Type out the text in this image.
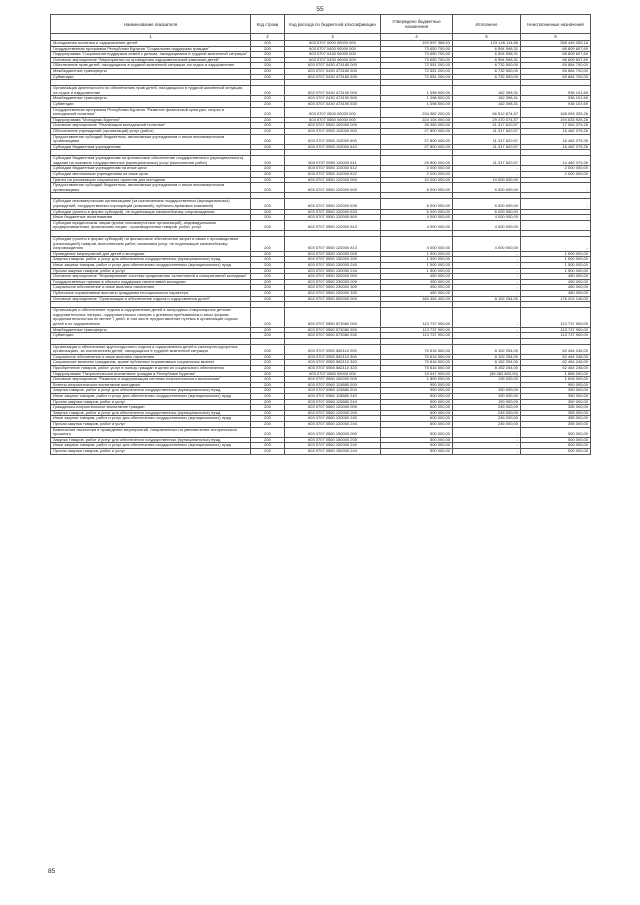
55
Наименование показателя	Код строки	Код расхода по бюджетной классификации	Утверждено бюджетные назначения	Исполнено	Неисполненные назначения
1	2	3	4	5	6
Молодежная политика и оздоровление детей	200	603 0707 0000 00000 000	193 597 368,53	123 145 114,85	268 449 265,18
Государственная программа Республики Бурятия "Социальная поддержка граждан"	200	603 0707 0400 00000 000	73 650 700,00	6 594 598,31	66 809 607,69
Подпрограмма "Социальная поддержка семей с детьми, находящимися в трудной жизненной ситуации"	200	603 0707 0430 00000 000	73 650 700,00	6 594 598,31	66 809 607,69
Основное мероприятие "Мероприятия по проведению оздоровительной кампании детей"	200	603 0707 0430 40000 000	73 650 700,00	6 594 598,31	66 809 607,69
Обеспечение прав детей, находящихся в трудной жизненной ситуации, на отдых и оздоровление	200	603 0707 0430 473180 000	72 551 200,00	6 732 500,00	65 884 700,00
Межбюджетные трансферты	200	603 0707 0430 473180 500	72 551 200,00	6 732 500,00	65 884 700,00
Субвенции	200	603 0707 0430 473180 530	72 551 200,00	6 732 500,00	65 884 700,00

Организация деятельности по обеспечению прав детей, находящихся в трудной жизненной ситуации, на отдых и оздоровление	200	603 0707 0430 473190 000	1 098 500,00	162 398,31	936 101,69
Межбюджетные трансферты	200	603 0707 0430 473190 500	1 098 500,00	162 398,31	936 101,69
Субвенции	200	603 0707 0430 473190 530	1 098 500,00	162 398,31	936 101,69
Государственная программа Республики Бурятия "Развитие физической культуры, спорта и молодежной политики"	200	603 0707 0500 00000 000	234 582 200,00	66 512 874,57	168 069 325,26
Подпрограмма "Молодежь Бурятии"	200	603 0707 0550 00000 000	224 104 000,00	29 470 074,57	194 633 925,26
Основное мероприятие "Реализация молодежной политики"	200	603 0707 0550 100000 000	39 380 000,00	21 317 620,57	17 062 379,26
Обеспечение учреждений (организаций) услуг (работ)	200	603 0707 0550 110000 000	27 800 000,00	11 317 620,57	16 482 379,26
Предоставление субсидий бюджетным, автономным учреждениям и иным некоммерческим организациям	200	603 0707 0550 110000 600	27 800 000,00	11 317 620,57	16 482 379,26
Субсидии бюджетным учреждениям	200	603 0707 0550 110000 610	27 800 000,00	11 317 620,57	16 482 379,26

Субсидии бюджетным учреждениям на финансовое обеспечение государственного (муниципального) задания на оказание государственных (муниципальных) услуг (выполнение работ)	200	603 0707 0550 110000 611	25 800 000,00	11 317 620,57	14 482 379,26
Субсидии бюджетным учреждениям на иные цели	200	603 0707 0550 110000 612	2 000 000,00	-	2 000 000,00
Субсидии автономным учреждениям на иные цели	200	603 0707 0550 110000 622	2 000 000,00	-	2 000 000,00
Гранты на реализацию социальных проектов для молодежи	200	603 0707 0550 120000 000	10 000 000,00	10 000 000,00	-
Предоставление субсидий бюджетным, автономным учреждениям и иным некоммерческим организациям	200	603 0707 0550 120000 600	6 000 000,00	6 000 000,00	-

Субсидии некоммерческим организациям (за исключением государственных (муниципальных) учреждений, государственных корпораций (компаний), публично-правовых компаний)	200	603 0707 0550 120000 630	6 000 000,00	6 000 000,00	-
Субсидии (гранты в форме субсидий), не подлежащие казначейскому сопровождению	200	603 0707 0550 120000 633	6 000 000,00	6 000 000,00	-
Иные бюджетные ассигнования	200	603 0707 0550 120000 800	4 000 000,00	4 000 000,00	-
Субсидии юридическим лицам (кроме некоммерческих организаций), индивидуальным предпринимателям, физическим лицам - производителям товаров, работ, услуг	200	603 0707 0550 120000 810	4 000 000,00	4 000 000,00	-

Субсидии (гранты в форме субсидий) на финансовое обеспечение затрат в связи с производством (реализацией) товаров, выполнением работ, оказанием услуг, не подлежащие казначейскому сопровождению	200	603 0707 0550 120000 813	4 000 000,00	4 000 000,00	-
Проведение мероприятий для детей и молодежи	200	603 0707 0550 130000 000	1 500 000,00	-	1 500 000,00
Закупка товаров, работ и услуг для обеспечения государственных (муниципальных) нужд	200	603 0707 0550 130000 200	1 500 000,00	-	1 500 000,00
Иные закупки товаров, работ и услуг для обеспечения государственных (муниципальных) нужд	200	603 0707 0550 130000 240	1 500 000,00	-	1 500 000,00
Прочая закупка товаров, работ и услуг	200	603 0707 0550 130000 244	1 500 000,00	-	1 500 000,00
Основное мероприятие "Формирование системы продвижения талантливой и инициативной молодежи"	200	603 0707 0550 200000 000	450 000,00	-	450 000,00
Государственные премии в области поддержки талантливой молодежи	200	603 0707 0550 230000 000	450 000,00	-	450 000,00
Социальное обеспечение и иные выплаты населению	200	603 0707 0550 230000 300	450 000,00	-	450 000,00
Публичные нормативные выплаты гражданам несоциального характера	200	603 0707 0550 230000 330	450 000,00	-	450 000,00
Основное мероприятие "Организация и обеспечение отдыха и оздоровления детей"	200	603 0707 0550 500000 000	184 354 400,00	8 152 254,00	176 201 146,00

Организация и обеспечение отдыха и оздоровления детей в загородных стационарных детских оздоровительных лагерях, оздоровительных лагерях с дневным пребыванием и иных формах продолжительностью не менее 7 дней, в том числе предоставление путевок в организации отдыха детей и их оздоровления	200	603 0707 0550 573080 000	113 737 900,00	-	113 737 900,00
Межбюджетные трансферты	200	603 0707 0550 573080 500	113 737 900,00	-	113 737 900,00
Субвенции	200	603 0707 0550 573080 530	113 737 900,00	-	113 737 900,00

Организация и обеспечение круглогодичного отдыха и оздоровления детей в санаторно-курортных организациях, за исключением детей, находящихся в трудной жизненной ситуации	200	603 0707 0550 582110 000	70 616 500,00	8 152 254,00	62 464 246,00
Социальное обеспечение и иные выплаты населению	200	603 0707 0550 582110 300	70 616 500,00	8 152 254,00	62 464 246,00
Социальные выплаты гражданам, кроме публичных нормативных социальных выплат	200	603 0707 0550 582110 320	70 616 500,00	8 152 254,00	62 464 246,00
Приобретение товаров, работ, услуг в пользу граждан в целях их социального обеспечения	200	603 0707 0550 582110 323	70 616 500,00	8 152 254,00	62 464 246,00
Подпрограмма "Патриотическое воспитание граждан в Республике Бурятия"	200	603 0707 0560 00000 000	10 447 900,00	(59 082 800,00)	1 856 000,00
Основное мероприятие "Развитие и модернизация системы патриотического воспитания"	200	603 0707 0560 100000 000	1 800 000,00	195 000,00	1 605 000,00
Военно-патриотическое воспитание молодежи	200	603 0707 0560 115880 000	950 000,00	-	950 000,00
Закупка товаров, работ и услуг для обеспечения государственных (муниципальных) нужд	200	603 0707 0560 115880 200	500 000,00	150 000,00	350 000,00
Иные закупки товаров, работ и услуг для обеспечения государственных (муниципальных) нужд	200	603 0707 0560 115880 240	500 000,00	150 000,00	350 000,00
Прочая закупка товаров, работ и услуг	200	603 0707 0560 115880 244	500 000,00	150 000,00	350 000,00
Гражданско-патриотическое воспитание граждан	200	603 0707 0560 120000 000	600 000,00	245 000,00	355 000,00
Закупка товаров, работ и услуг для обеспечения государственных (муниципальных) нужд	200	603 0707 0560 120000 200	600 000,00	245 000,00	355 000,00
Иные закупки товаров, работ и услуг для обеспечения государственных (муниципальных) нужд	200	603 0707 0560 120000 240	600 000,00	245 000,00	355 000,00
Прочая закупка товаров, работ и услуг	200	603 0707 0560 120000 244	600 000,00	245 000,00	355 000,00
Вовлечение населения в проведение мероприятий, направленных на увековечение исторического прошлого	200	603 0707 0560 150000 000	500 000,00	-	500 000,00
Закупка товаров, работ и услуг для обеспечения государственных (муниципальных) нужд	200	603 0707 0560 150000 200	500 000,00	-	500 000,00
Иные закупки товаров, работ и услуг для обеспечения государственных (муниципальных) нужд	200	603 0707 0560 150000 240	500 000,00	-	500 000,00
Прочая закупка товаров, работ и услуг	200	603 0707 0560 150000 244	500 000,00	-	500 000,00
85
